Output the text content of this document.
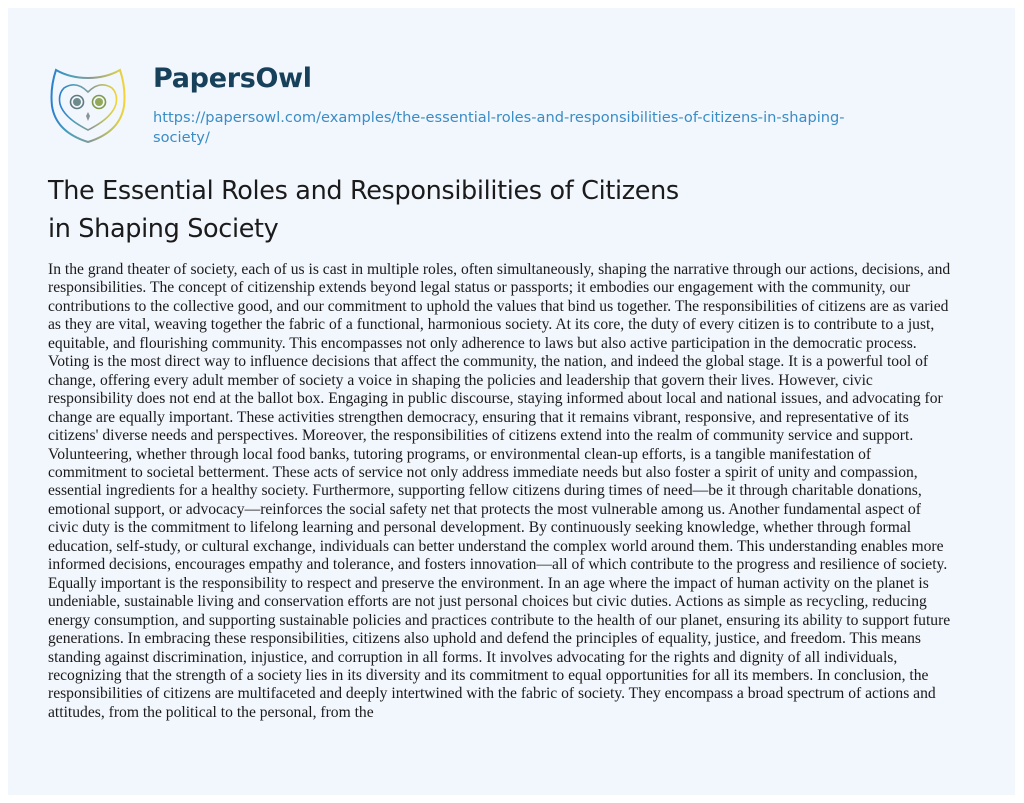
PapersOwl
https://papersowl.com/examples/the-essential-roles-and-responsibilities-of-citizens-in-shaping-
society/
The Essential Roles and Responsibilities of Citizens
in Shaping Society
In the grand theater of society, each of us is cast in multiple roles, often simultaneously, shaping the narrative through our actions, decisions, and
responsibilities. The concept of citizenship extends beyond legal status or passports; it embodies our engagement with the community, our
contributions to the collective good, and our commitment to uphold the values that bind us together. The responsibilities of citizens are as varied
as they are vital, weaving together the fabric of a functional, harmonious society. At its core, the duty of every citizen is to contribute to a just,
equitable, and flourishing community. This encompasses not only adherence to laws but also active participation in the democratic process.
Voting is the most direct way to influence decisions that affect the community, the nation, and indeed the global stage. It is a powerful tool of
change, offering every adult member of society a voice in shaping the policies and leadership that govern their lives. However, civic
responsibility does not end at the ballot box. Engaging in public discourse, staying informed about local and national issues, and advocating for
change are equally important. These activities strengthen democracy, ensuring that it remains vibrant, responsive, and representative of its
citizens' diverse needs and perspectives. Moreover, the responsibilities of citizens extend into the realm of community service and support.
Volunteering, whether through local food banks, tutoring programs, or environmental clean-up efforts, is a tangible manifestation of
commitment to societal betterment. These acts of service not only address immediate needs but also foster a spirit of unity and compassion,
essential ingredients for a healthy society. Furthermore, supporting fellow citizens during times of need—be it through charitable donations,
emotional support, or advocacy—reinforces the social safety net that protects the most vulnerable among us. Another fundamental aspect of
civic duty is the commitment to lifelong learning and personal development. By continuously seeking knowledge, whether through formal
education, self-study, or cultural exchange, individuals can better understand the complex world around them. This understanding enables more
informed decisions, encourages empathy and tolerance, and fosters innovation—all of which contribute to the progress and resilience of society.
Equally important is the responsibility to respect and preserve the environment. In an age where the impact of human activity on the planet is
undeniable, sustainable living and conservation efforts are not just personal choices but civic duties. Actions as simple as recycling, reducing
energy consumption, and supporting sustainable policies and practices contribute to the health of our planet, ensuring its ability to support future
generations. In embracing these responsibilities, citizens also uphold and defend the principles of equality, justice, and freedom. This means
standing against discrimination, injustice, and corruption in all forms. It involves advocating for the rights and dignity of all individuals,
recognizing that the strength of a society lies in its diversity and its commitment to equal opportunities for all its members. In conclusion, the
responsibilities of citizens are multifaceted and deeply intertwined with the fabric of society. They encompass a broad spectrum of actions and
attitudes, from the political to the personal, from the
